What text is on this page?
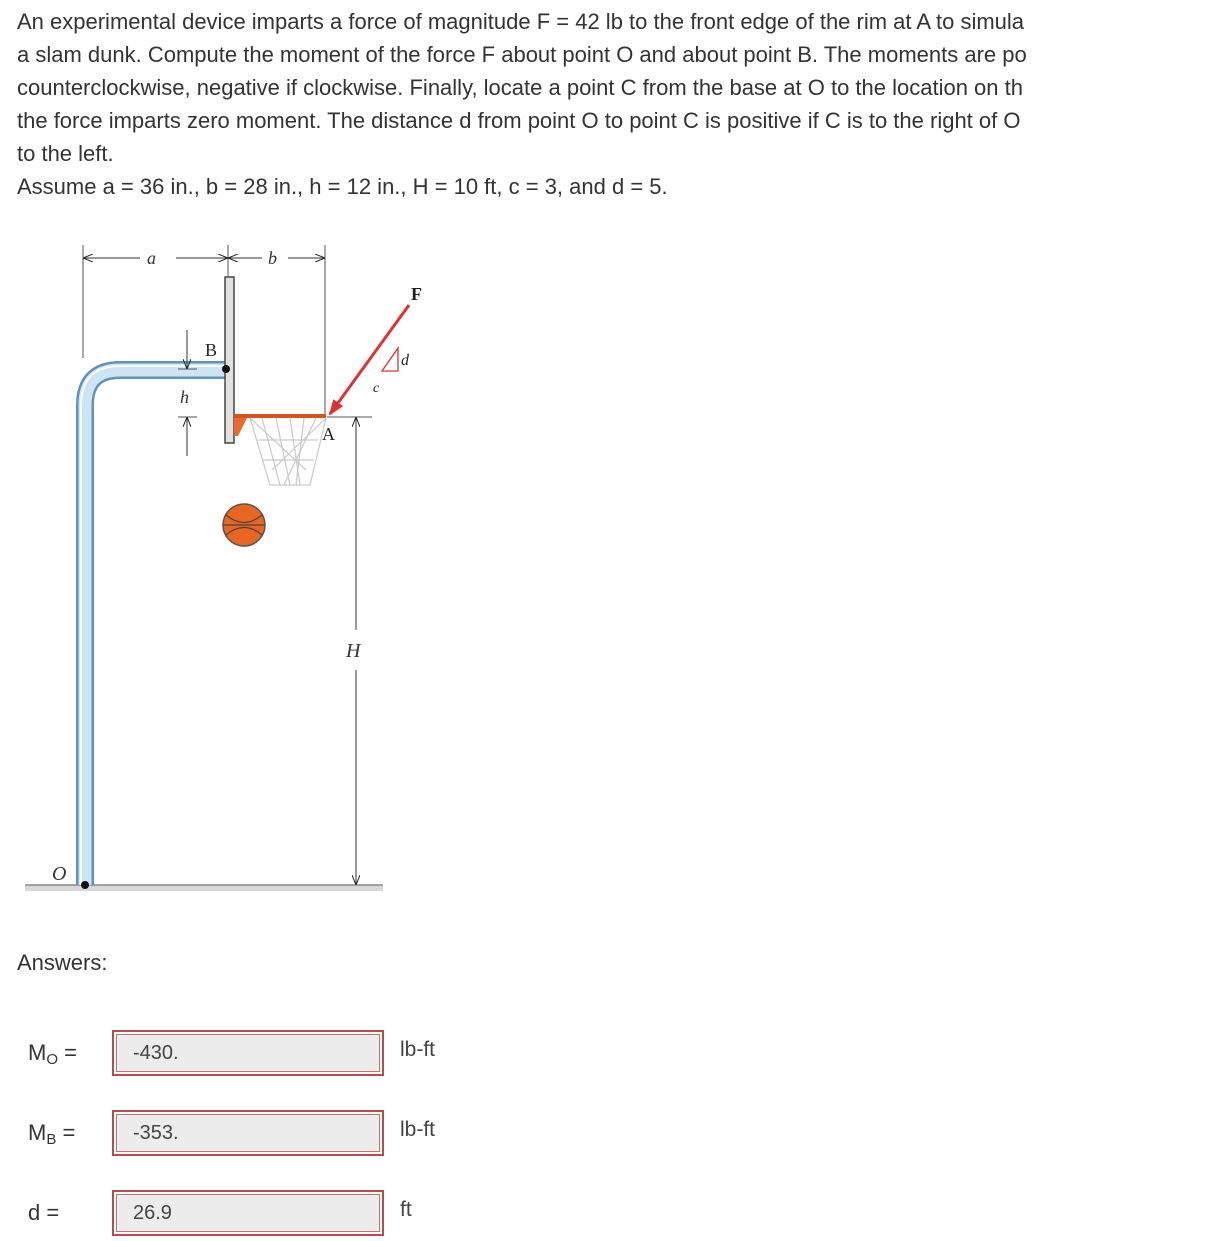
An experimental device imparts a force of magnitude F = 42 lb to the front edge of the rim at A to simula
a slam dunk. Compute the moment of the force F about point O and about point B. The moments are po
counterclockwise, negative if clockwise. Finally, locate a point C from the base at O to the location on th
the force imparts zero moment. The distance d from point O to point C is positive if C is to the right of O
to the left.
Assume a = 36 in., b = 28 in., h = 12 in., H = 10 ft, c = 3, and d = 5.
B
A
F
d
c
a	b
h
H
O
Answers:
$M_O$ =	-430.	lb-ft
$M_B$ =	-353.	lb-ft
d =	26.9	ft
